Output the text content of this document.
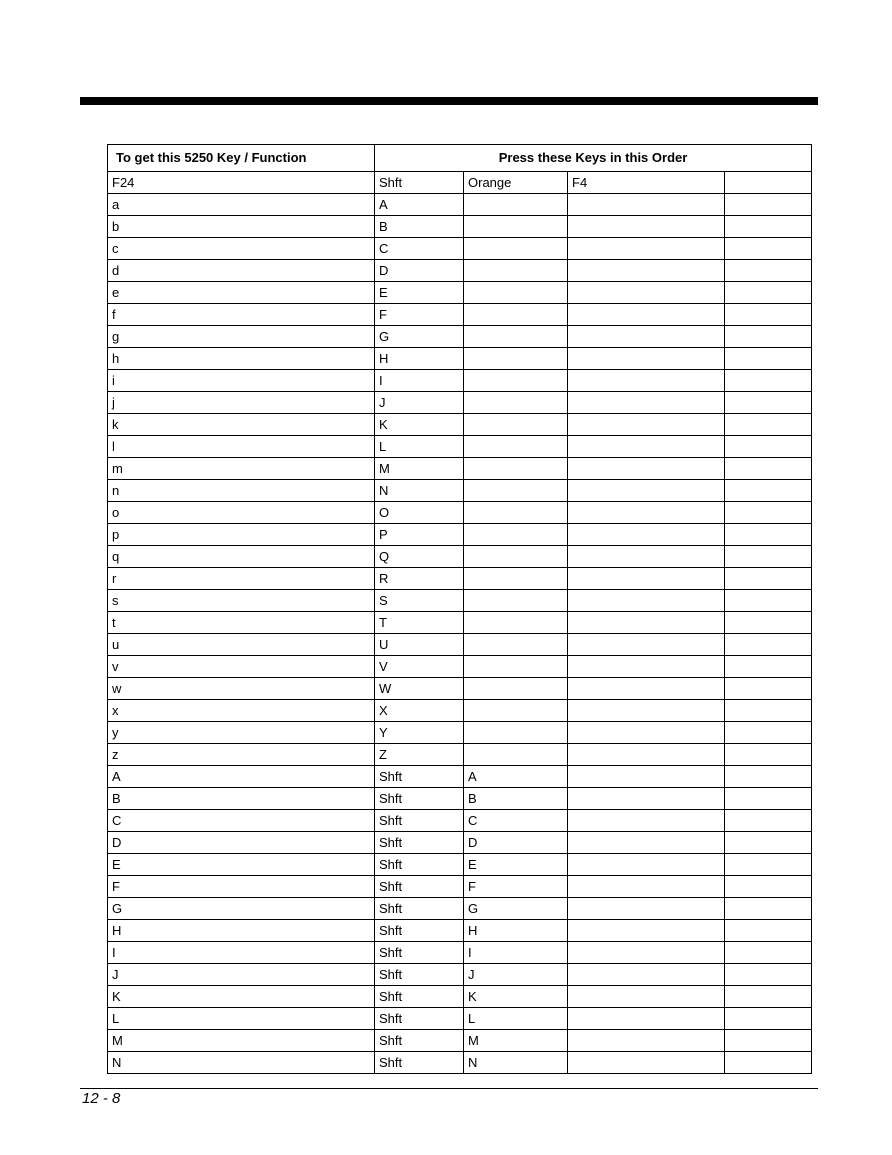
To get this 5250 Key / Function	Press these Keys in this Order			
F24	Shft	Orange	F4	
a	A			
b	B			
c	C			
d	D			
e	E			
f	F			
g	G			
h	H			
i	I			
j	J			
k	K			
l	L			
m	M			
n	N			
o	O			
p	P			
q	Q			
r	R			
s	S			
t	T			
u	U			
v	V			
w	W			
x	X			
y	Y			
z	Z			
A	Shft	A		
B	Shft	B		
C	Shft	C		
D	Shft	D		
E	Shft	E		
F	Shft	F		
G	Shft	G		
H	Shft	H		
I	Shft	I		
J	Shft	J		
K	Shft	K		
L	Shft	L		
M	Shft	M		
N	Shft	N		
12 - 8
